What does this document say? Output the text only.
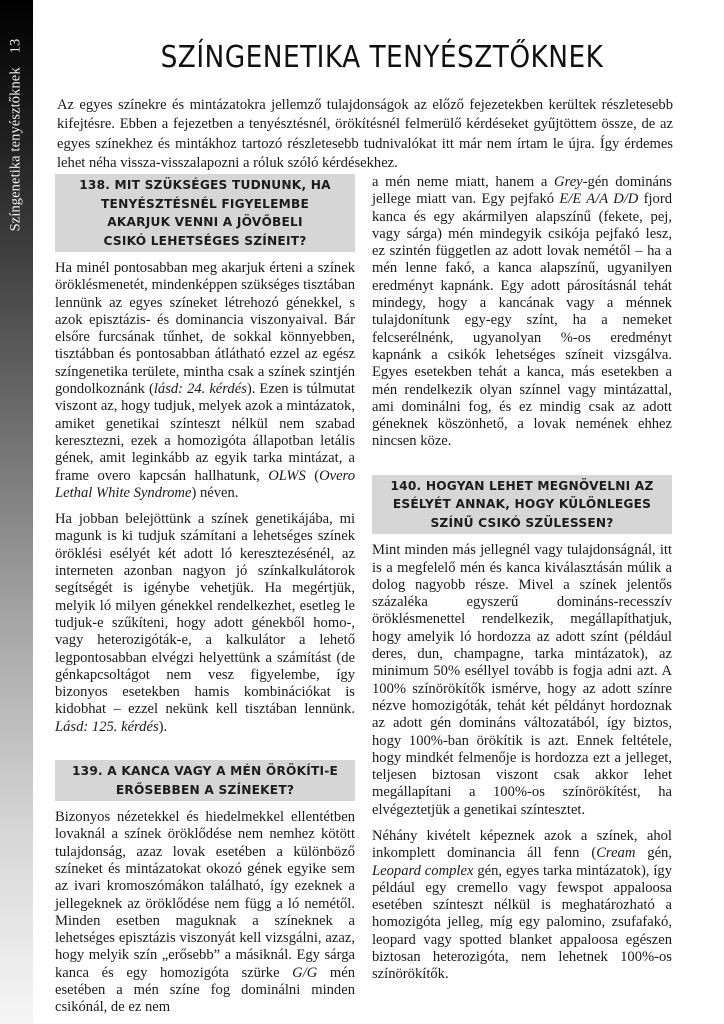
Színgenetika tenyésztőknek13	SZÍNGENETIKA TENYÉSZTŐKNEK

Az egyes színekre és mintázatokra jellemző tulajdonságok az előző fejezetekben kerültek részletesebb kifejtésre. Ebben a fejezetben a tenyésztésnél, örökítésnél felmerülő kérdéseket gyűjtöttem össze, de az egyes színekhez és mintákhoz tartozó részletesebb tudnivalókat itt már nem írtam le újra. Így érdemes lehet néha vissza-visszalapozni a róluk szóló kérdésekhez.

138. MIT SZÜKSÉGES TUDNUNK, HA
TENYÉSZTÉSNÉL FIGYELEMBE
AKARJUK VENNI A JÖVŐBELI
CSIKÓ LEHETSÉGES SZÍNEIT?

Ha minél pontosabban meg akarjuk érteni a színek öröklésmenetét, mindenképpen szükséges tisztában lennünk az egyes színeket létrehozó génekkel, s azok episztázis- és dominancia viszonyaival. Bár elsőre furcsának tűnhet, de sokkal könnyebben, tisztábban és pontosabban átlátható ezzel az egész színgenetika területe, mintha csak a színek szintjén gondolkoznánk (lásd: 24. kérdés). Ezen is túlmutat viszont az, hogy tudjuk, melyek azok a mintázatok, amiket genetikai színteszt nélkül nem szabad keresztezni, ezek a homozigóta állapotban letális gének, amit leginkább az egyik tarka mintázat, a frame overo kapcsán hallhatunk, OLWS (Overo Lethal White Syndrome) néven.

Ha jobban belejöttünk a színek genetikájába, mi magunk is ki tudjuk számítani a lehetséges színek öröklési esélyét két adott ló keresztezésénél, az interneten azonban nagyon jó színkalkulátorok segítségét is igénybe vehetjük. Ha megértjük, melyik ló milyen génekkel rendelkezhet, esetleg le tudjuk-e szűkíteni, hogy adott génekből homo-, vagy heterozigóták-e, a kalkulátor a lehető legpontosabban elvégzi helyettünk a számítást (de génkapcsoltágot nem vesz figyelembe, így bizonyos esetekben hamis kombinációkat is kidobhat – ezzel nekünk kell tisztában lennünk. Lásd: 125. kérdés).

139. A KANCA VAGY A MÉN ÖRÖKÍTI-E
ERŐSEBBEN A SZÍNEKET?

Bizonyos nézetekkel és hiedelmekkel ellentétben lovaknál a színek öröklődése nem nemhez kötött tulajdonság, azaz lovak esetében a különböző színeket és mintázatokat okozó gének egyike sem az ivari kromoszómákon található, így ezeknek a jellegeknek az öröklődése nem függ a ló nemétől. Minden esetben maguknak a színeknek a lehetséges episztázis viszonyát kell vizsgálni, azaz, hogy melyik szín „erősebb” a másiknál. Egy sárga kanca és egy homozigóta szürke G/G mén esetében a mén színe fog dominálni minden csikónál, de ez nem

a mén neme miatt, hanem a Grey-gén domináns jellege miatt van. Egy pejfakó E/E A/A D/D fjord kanca és egy akármilyen alapszínű (fekete, pej, vagy sárga) mén mindegyik csikója pejfakó lesz, ez szintén független az adott lovak nemétől – ha a mén lenne fakó, a kanca alapszínű, ugyanilyen eredményt kapnánk. Egy adott párosításnál tehát mindegy, hogy a kancának vagy a ménnek tulajdonítunk egy-egy színt, ha a nemeket felcserélnénk, ugyanolyan %-os eredményt kapnánk a csikók lehetséges színeit vizsgálva. Egyes esetekben tehát a kanca, más esetekben a mén rendelkezik olyan színnel vagy mintázattal, ami dominálni fog, és ez mindig csak az adott géneknek köszönhető, a lovak nemének ehhez nincsen köze.

140. HOGYAN LEHET MEGNÖVELNI AZ
ESÉLYÉT ANNAK, HOGY KÜLÖNLEGES
SZÍNŰ CSIKÓ SZÜLESSEN?

Mint minden más jellegnél vagy tulajdonságnál, itt is a megfelelő mén és kanca kiválasztásán múlik a dolog nagyobb része. Mivel a színek jelentős százaléka egyszerű domináns-recesszív öröklésmenettel rendelkezik, megállapíthatjuk, hogy amelyik ló hordozza az adott színt (például deres, dun, champagne, tarka mintázatok), az minimum 50% eséllyel tovább is fogja adni azt. A 100% színörökítők ismérve, hogy az adott színre nézve homozigóták, tehát két példányt hordoznak az adott gén domináns változatából, így biztos, hogy 100%-ban örökítik is azt. Ennek feltétele, hogy mindkét felmenője is hordozza ezt a jelleget, teljesen biztosan viszont csak akkor lehet megállapítani a 100%-os színörökítést, ha elvégeztetjük a genetikai színtesztet.

Néhány kivételt képeznek azok a színek, ahol inkomplett dominancia áll fenn (Cream gén, Leopard complex gén, egyes tarka mintázatok), így például egy cremello vagy fewspot appaloosa esetében színteszt nélkül is meghatározható a homozigóta jelleg, míg egy palomino, zsufafakó, leopard vagy spotted blanket appaloosa egészen biztosan heterozigóta, nem lehetnek 100%-os színörökítők.
